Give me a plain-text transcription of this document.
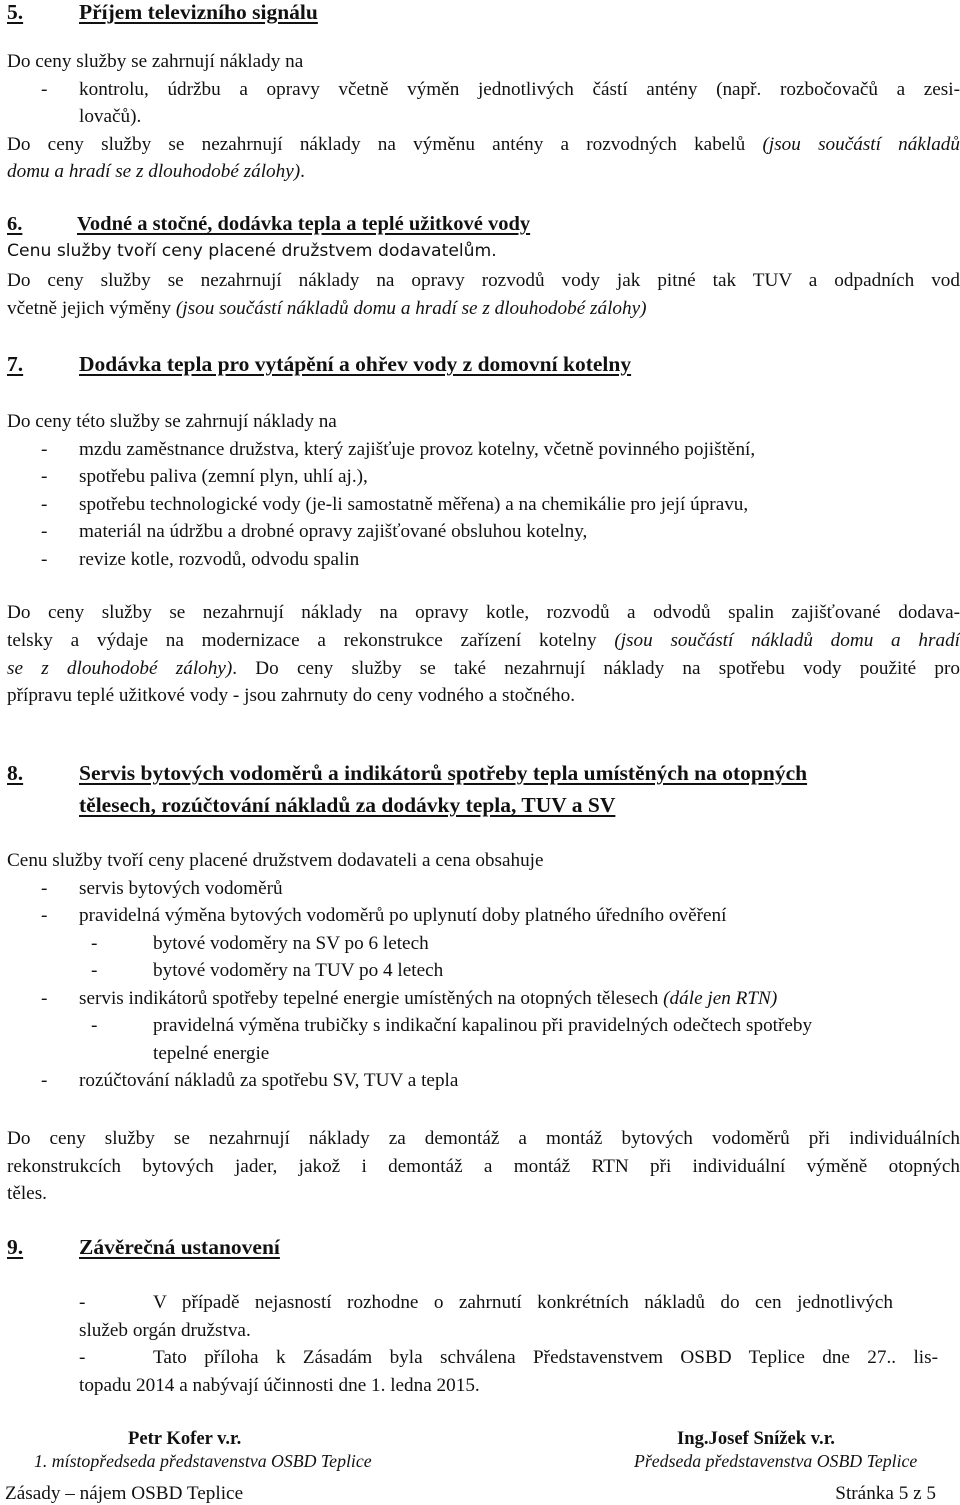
5.	Příjem televizního signálu
Do ceny služby se zahrnují náklady na
- kontrolu, údržbu a opravy včetně výměn jednotlivých částí antény (např. rozbočovačů a zesi-
lovačů).
Do ceny služby se nezahrnují náklady na výměnu antény a rozvodných kabelů (jsou součástí nákladů
domu a hradí se z dlouhodobé zálohy).
6.	Vodné a stočné, dodávka tepla a teplé užitkové vody
Cenu služby tvoří ceny placené družstvem dodavatelům.
Do ceny služby se nezahrnují náklady na opravy rozvodů vody jak pitné tak TUV a odpadních vod
včetně jejich výměny (jsou součástí nákladů domu a hradí se z dlouhodobé zálohy)
7.	Dodávka tepla pro vytápění a ohřev vody z domovní kotelny
Do ceny této služby se zahrnují náklady na
- mzdu zaměstnance družstva, který zajišťuje provoz kotelny, včetně povinného pojištění,
- spotřebu paliva (zemní plyn, uhlí aj.),
- spotřebu technologické vody (je-li samostatně měřena) a na chemikálie pro její úpravu,
- materiál na údržbu a drobné opravy zajišťované obsluhou kotelny,
- revize kotle, rozvodů, odvodu spalin
Do ceny služby se nezahrnují náklady na opravy kotle, rozvodů a odvodů spalin zajišťované dodava-
telsky a výdaje na modernizace a rekonstrukce zařízení kotelny (jsou součástí nákladů domu a hradí
se z dlouhodobé zálohy). Do ceny služby se také nezahrnují náklady na spotřebu vody použité pro
přípravu teplé užitkové vody - jsou zahrnuty do ceny vodného a stočného.
8.	Servis bytových vodoměrů a indikátorů spotřeby tepla umístěných na otopných
tělesech, rozúčtování nákladů za dodávky tepla, TUV a SV
Cenu služby tvoří ceny placené družstvem dodavateli a cena obsahuje
- servis bytových vodoměrů
- pravidelná výměna bytových vodoměrů po uplynutí doby platného úředního ověření
-	bytové vodoměry na SV po 6 letech
-	bytové vodoměry na TUV po 4 letech
- servis indikátorů spotřeby tepelné energie umístěných na otopných tělesech (dále jen RTN)
-	pravidelná výměna trubičky s indikační kapalinou při pravidelných odečtech spotřeby
tepelné energie
- rozúčtování nákladů za spotřebu SV, TUV a tepla
Do ceny služby se nezahrnují náklady za demontáž a montáž bytových vodoměrů při individuálních
rekonstrukcích bytových jader, jakož i demontáž a montáž RTN při individuální výměně otopných
těles.
9.	Závěrečná ustanovení
-	V případě nejasností rozhodne o zahrnutí konkrétních nákladů do cen jednotlivých
služeb orgán družstva.
-	Tato příloha k Zásadám byla schválena Představenstvem OSBD Teplice dne 27.. lis-
topadu 2014 a nabývají účinnosti dne 1. ledna 2015.
Petr Kofer v.r.
1. místopředseda představenstva OSBD Teplice
Ing.Josef Snížek v.r.
Předseda představenstva OSBD Teplice
Zásady – nájem OSBD Teplice	Stránka 5 z 5
